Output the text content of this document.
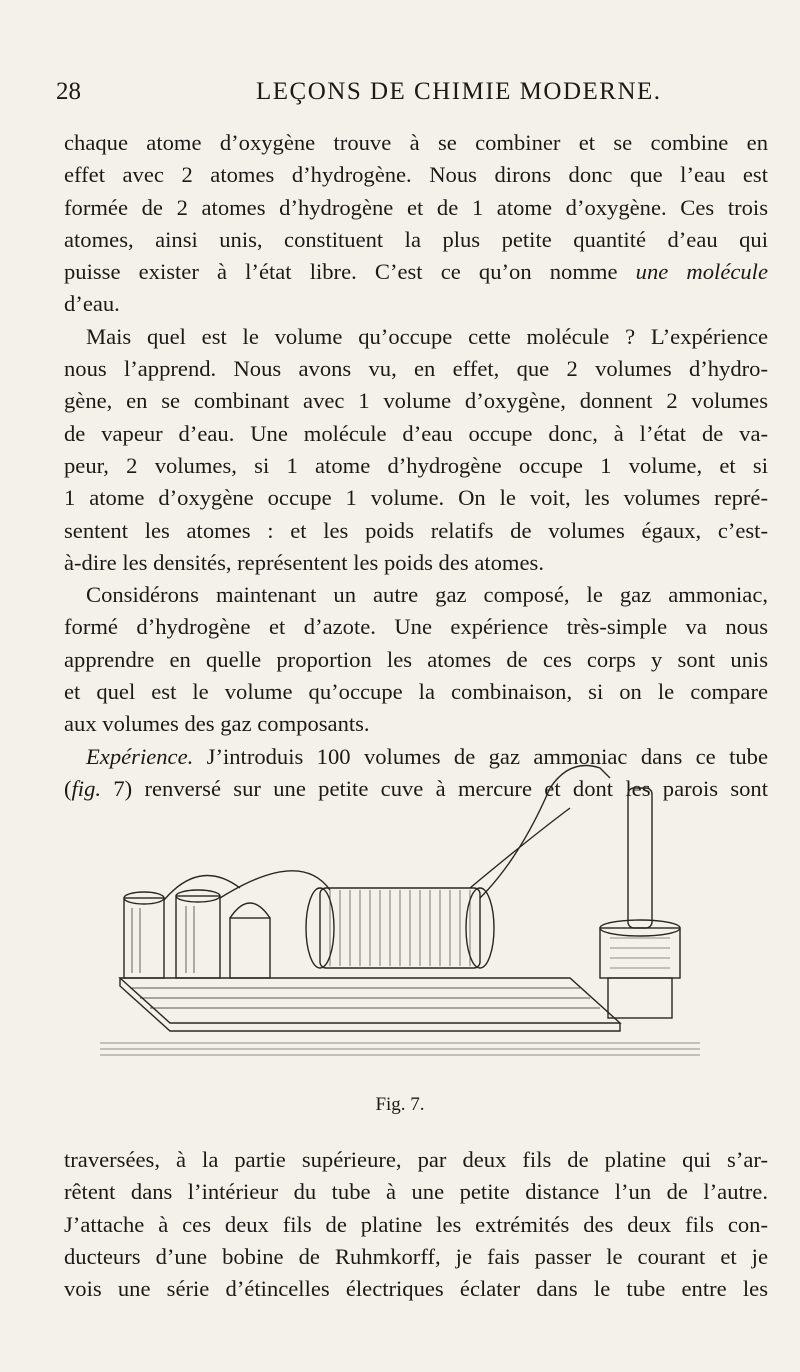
28	LEÇONS DE CHIMIE MODERNE.
chaque atome d’oxygène trouve à se combiner et se combine en
effet avec 2 atomes d’hydrogène. Nous dirons donc que l’eau est
formée de 2 atomes d’hydrogène et de 1 atome d’oxygène. Ces trois
atomes, ainsi unis, constituent la plus petite quantité d’eau qui
puisse exister à l’état libre. C’est ce qu’on nomme une molécule
d’eau.
Mais quel est le volume qu’occupe cette molécule ? L’expérience
nous l’apprend. Nous avons vu, en effet, que 2 volumes d’hydro-
gène, en se combinant avec 1 volume d’oxygène, donnent 2 volumes
de vapeur d’eau. Une molécule d’eau occupe donc, à l’état de va-
peur, 2 volumes, si 1 atome d’hydrogène occupe 1 volume, et si
1 atome d’oxygène occupe 1 volume. On le voit, les volumes repré-
sentent les atomes : et les poids relatifs de volumes égaux, c’est-
à-dire les densités, représentent les poids des atomes.
Considérons maintenant un autre gaz composé, le gaz ammoniac,
formé d’hydrogène et d’azote. Une expérience très-simple va nous
apprendre en quelle proportion les atomes de ces corps y sont unis
et quel est le volume qu’occupe la combinaison, si on le compare
aux volumes des gaz composants.
Expérience. J’introduis 100 volumes de gaz ammoniac dans ce tube
(fig. 7) renversé sur une petite cuve à mercure et dont les parois sont
Fig. 7.
traversées, à la partie supérieure, par deux fils de platine qui s’ar-
rêtent dans l’intérieur du tube à une petite distance l’un de l’autre.
J’attache à ces deux fils de platine les extrémités des deux fils con-
ducteurs d’une bobine de Ruhmkorff, je fais passer le courant et je
vois une série d’étincelles électriques éclater dans le tube entre les
